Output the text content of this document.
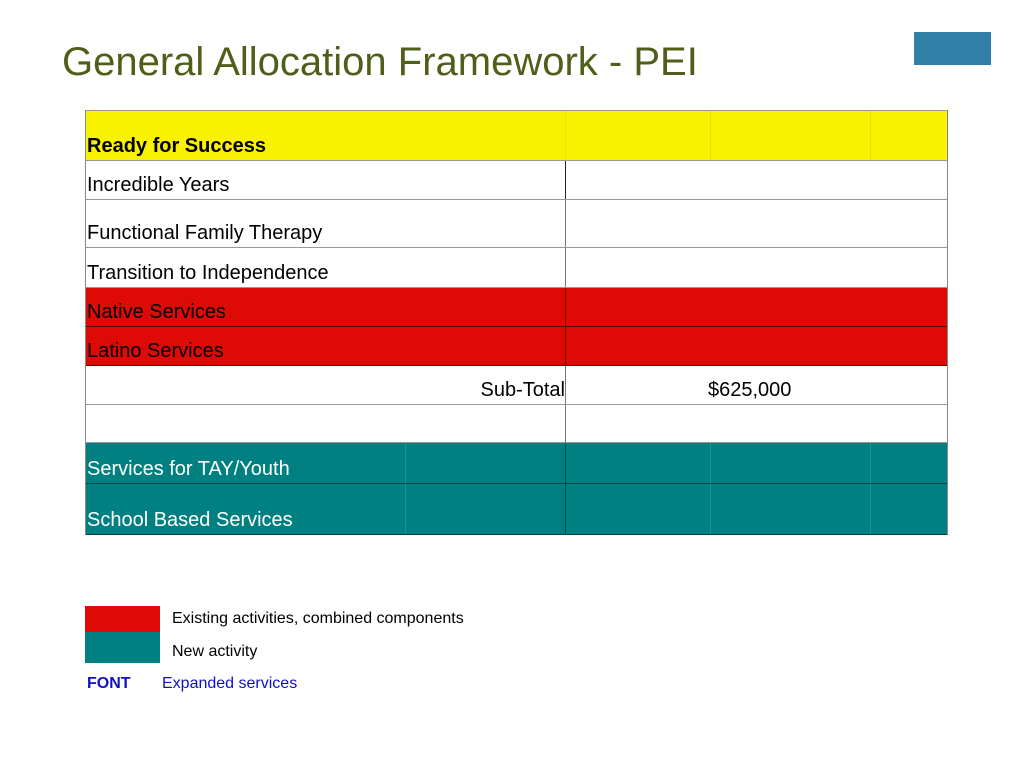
General Allocation Framework - PEI
Ready for Success
Incredible Years
Functional Family Therapy
Transition to Independence
Native Services
Latino Services
Sub-Total	$625,000
Services for TAY/Youth
School Based Services
Existing activities, combined components
New activity
FONT Expanded services
